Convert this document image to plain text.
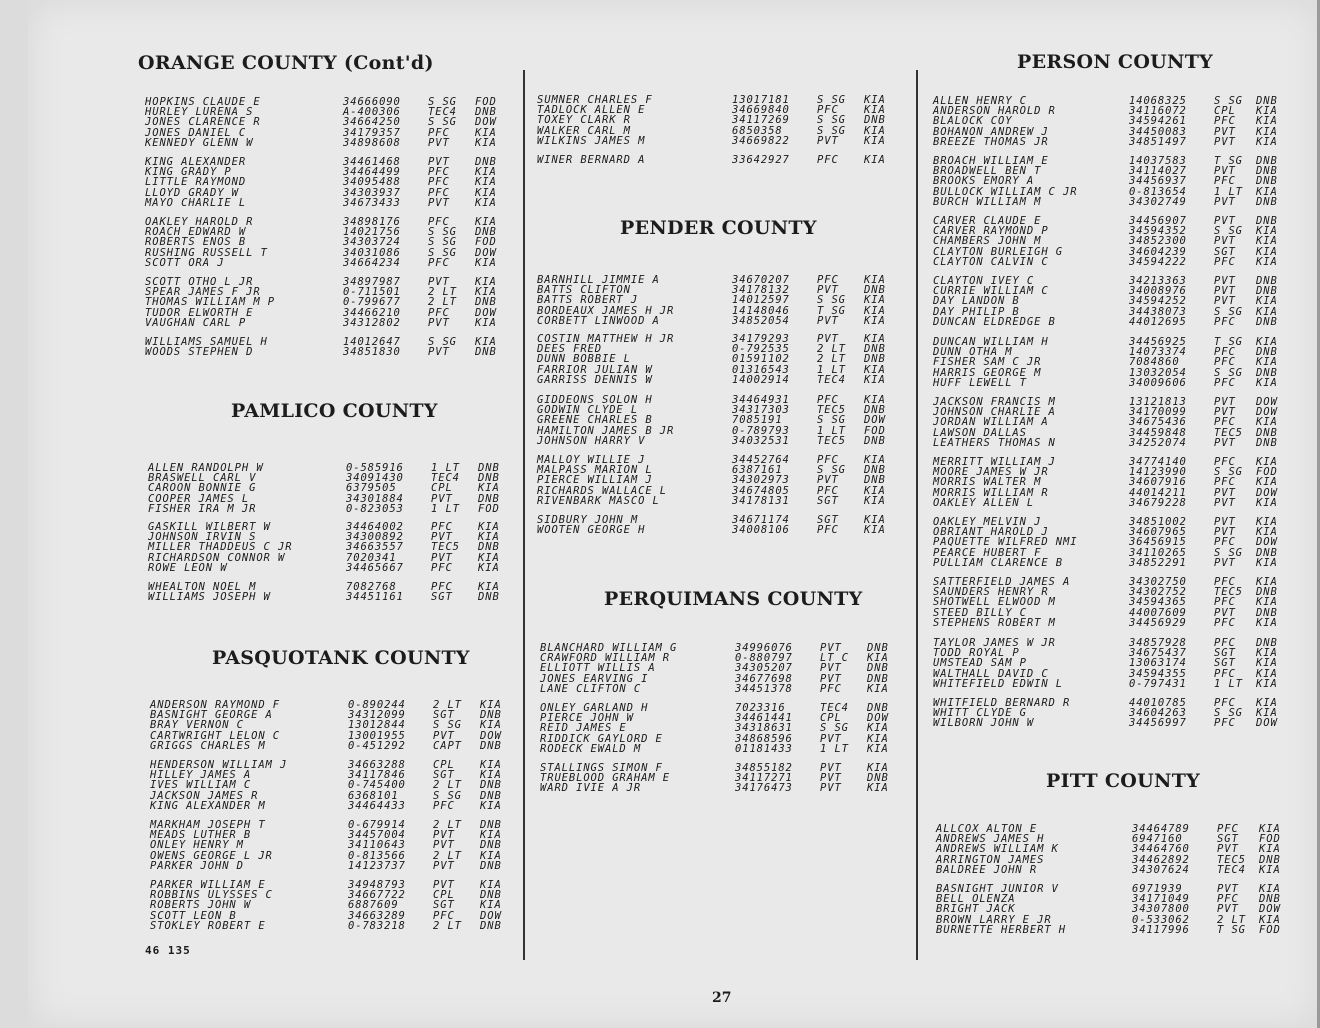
ORANGE COUNTY (Cont'd)
HOPKINS CLAUDE E	34666090	S SG FOD
HURLEY LURENA S	A-400306	TEC4 DNB
JONES CLARENCE R	34664250	S SG DOW
JONES DANIEL C	34179357	PFC KIA
KENNEDY GLENN W	34898608	PVT KIA
KING ALEXANDER	34461468	PVT DNB
KING GRADY P	34464499	PFC KIA
LITTLE RAYMOND	34095488	PFC KIA
LLOYD GRADY W	34303937	PFC KIA
MAYO CHARLIE L	34673433	PVT KIA
OAKLEY HAROLD R	34898176	PFC KIA
ROACH EDWARD W	14021756	S SG DNB
ROBERTS ENOS B	34303724	S SG FOD
RUSHING RUSSELL T	34031086	S SG DOW
SCOTT ORA J	34664234	PFC KIA
SCOTT OTHO L JR	34897987	PVT KIA
SPEAR JAMES F JR	0-711501	2 LT KIA
THOMAS WILLIAM M P	0-799677	2 LT DNB
TUDOR ELWORTH E	34466210	PFC DOW
VAUGHAN CARL P	34312802	PVT KIA
WILLIAMS SAMUEL H	14012647	S SG KIA
WOODS STEPHEN D	34851830	PVT DNB
PAMLICO COUNTY
ALLEN RANDOLPH W	0-585916	1 LT DNB
BRASWELL CARL V	34091430	TEC4 DNB
CAROON BONNIE G	6379505	CPL KIA
COOPER JAMES L	34301884	PVT DNB
FISHER IRA M JR	0-823053	1 LT FOD
GASKILL WILBERT W	34464002	PFC KIA
JOHNSON IRVIN S	34300892	PVT KIA
MILLER THADDEUS C JR	34663557	TEC5 DNB
RICHARDSON CONNOR W	7020341	PVT KIA
ROWE LEON W	34465667	PFC KIA
WHEALTON NOEL M	7082768	PFC KIA
WILLIAMS JOSEPH W	34451161	SGT DNB
PASQUOTANK COUNTY
ANDERSON RAYMOND F	0-890244	2 LT KIA
BASNIGHT GEORGE A	34312099	SGT DNB
BRAY VERNON C	13012844	S SG KIA
CARTWRIGHT LELON C	13001955	PVT DOW
GRIGGS CHARLES M	0-451292	CAPT DNB
HENDERSON WILLIAM J	34663288	CPL KIA
HILLEY JAMES A	34117846	SGT KIA
IVES WILLIAM C	0-745400	2 LT DNB
JACKSON JAMES R	6368101	S SG DNB
KING ALEXANDER M	34464433	PFC KIA
MARKHAM JOSEPH T	0-679914	2 LT DNB
MEADS LUTHER B	34457004	PVT KIA
ONLEY HENRY M	34110643	PVT DNB
OWENS GEORGE L JR	0-813566	2 LT KIA
PARKER JOHN D	14123737	PVT DNB
PARKER WILLIAM E	34948793	PVT KIA
ROBBINS ULYSSES C	34667722	CPL DNB
ROBERTS JOHN W	6887609	SGT KIA
SCOTT LEON B	34663289	PFC DOW
STOKLEY ROBERT E	0-783218	2 LT DNB
SUMNER CHARLES F	13017181	S SG KIA
TADLOCK ALLEN E	34669840	PFC KIA
TOXEY CLARK R	34117269	S SG DNB
WALKER CARL M	6850358	S SG KIA
WILKINS JAMES M	34669822	PVT KIA
WINER BERNARD A	33642927	PFC KIA
PENDER COUNTY
BARNHILL JIMMIE A	34670207	PFC KIA
BATTS CLIFTON	34178132	PVT DNB
BATTS ROBERT J	14012597	S SG KIA
BORDEAUX JAMES H JR	14148046	T SG KIA
CORBETT LINWOOD A	34852054	PVT KIA
COSTIN MATTHEW H JR	34179293	PVT KIA
DEES FRED	0-792535	2 LT DNB
DUNN BOBBIE L	01591102	2 LT DNB
FARRIOR JULIAN W	01316543	1 LT KIA
GARRISS DENNIS W	14002914	TEC4 KIA
GIDDEONS SOLON H	34464931	PFC KIA
GODWIN CLYDE L	34317303	TEC5 DNB
GREENE CHARLES B	7085191	S SG DOW
HAMILTON JAMES B JR	0-789793	1 LT FOD
JOHNSON HARRY V	34032531	TEC5 DNB
MALLOY WILLIE J	34452764	PFC KIA
MALPASS MARION L	6387161	S SG DNB
PIERCE WILLIAM J	34302973	PVT DNB
RICHARDS WALLACE L	34674805	PFC KIA
RIVENBARK MASCO L	34178131	SGT KIA
SIDBURY JOHN M	34671174	SGT KIA
WOOTEN GEORGE H	34008106	PFC KIA
PERQUIMANS COUNTY
BLANCHARD WILLIAM G	34996076	PVT DNB
CRAWFORD WILLIAM R	0-880797	LT C KIA
ELLIOTT WILLIS A	34305207	PVT DNB
JONES EARVING I	34677698	PVT DNB
LANE CLIFTON C	34451378	PFC KIA
ONLEY GARLAND H	7023316	TEC4 DNB
PIERCE JOHN W	34461441	CPL DOW
REID JAMES E	34318631	S SG KIA
RIDDICK GAYLORD E	34868596	PVT KIA
RODECK EWALD M	01181433	1 LT KIA
STALLINGS SIMON F	34855182	PVT KIA
TRUEBLOOD GRAHAM E	34117271	PVT DNB
WARD IVIE A JR	34176473	PVT KIA
PERSON COUNTY
ALLEN HENRY C	14068325	S SG DNB
ANDERSON HAROLD R	34116072	CPL KIA
BLALOCK COY	34594261	PFC KIA
BOHANON ANDREW J	34450083	PVT KIA
BREEZE THOMAS JR	34851497	PVT KIA
BROACH WILLIAM E	14037583	T SG DNB
BROADWELL BEN T	34114027	PVT DNB
BROOKS EMORY A	34456937	PFC DNB
BULLOCK WILLIAM C JR	0-813654	1 LT KIA
BURCH WILLIAM M	34302749	PVT DNB
CARVER CLAUDE E	34456907	PVT DNB
CARVER RAYMOND P	34594352	S SG KIA
CHAMBERS JOHN M	34852300	PVT KIA
CLAYTON BURLEIGH G	34604239	SGT KIA
CLAYTON CALVIN C	34594222	PFC KIA
CLAYTON IVEY C	34213363	PVT DNB
CURRIE WILLIAM C	34008976	PVT DNB
DAY LANDON B	34594252	PVT KIA
DAY PHILIP B	34438073	S SG KIA
DUNCAN ELDREDGE B	44012695	PFC DNB
DUNCAN WILLIAM H	34456925	T SG KIA
DUNN OTHA M	14073374	PFC DNB
FISHER SAM C JR	7084860	PFC KIA
HARRIS GEORGE M	13032054	S SG DNB
HUFF LEWELL T	34009606	PFC KIA
JACKSON FRANCIS M	13121813	PVT DOW
JOHNSON CHARLIE A	34170099	PVT DOW
JORDAN WILLIAM A	34675436	PFC KIA
LAWSON DALLAS	34459848	TEC5 DNB
LEATHERS THOMAS N	34252074	PVT DNB
MERRITT WILLIAM J	34774140	PFC KIA
MOORE JAMES W JR	14123990	S SG FOD
MORRIS WALTER M	34607916	PFC KIA
MORRIS WILLIAM R	44014211	PVT DOW
OAKLEY ALLEN L	34679228	PVT KIA
OAKLEY MELVIN J	34851002	PVT KIA
OBRIANT HAROLD J	34607965	PVT KIA
PAQUETTE WILFRED NMI	36456915	PFC DOW
PEARCE HUBERT F	34110265	S SG DNB
PULLIAM CLARENCE B	34852291	PVT KIA
SATTERFIELD JAMES A	34302750	PFC KIA
SAUNDERS HENRY R	34302752	TEC5 DNB
SHOTWELL ELWOOD M	34594365	PFC KIA
STEED BILLY C	44007609	PVT DNB
STEPHENS ROBERT M	34456929	PFC KIA
TAYLOR JAMES W JR	34857928	PFC DNB
TODD ROYAL P	34675437	SGT KIA
UMSTEAD SAM P	13063174	SGT KIA
WALTHALL DAVID C	34594355	PFC KIA
WHITEFIELD EDWIN L	0-797431	1 LT KIA
WHITFIELD BERNARD R	44010785	PFC KIA
WHITT CLYDE G	34604263	S SG KIA
WILBORN JOHN W	34456997	PFC DOW
PITT COUNTY
ALLCOX ALTON E	34464789	PFC KIA
ANDREWS JAMES H	6947160	SGT FOD
ANDREWS WILLIAM K	34464760	PVT KIA
ARRINGTON JAMES	34462892	TEC5 DNB
BALDREE JOHN R	34307624	TEC4 KIA
BASNIGHT JUNIOR V	6971939	PVT KIA
BELL OLENZA	34171049	PFC DNB
BRIGHT JACK	34307800	PVT DOW
BROWN LARRY E JR	0-533062	2 LT KIA
BURNETTE HERBERT H	34117996	T SG FOD
46 135
27
